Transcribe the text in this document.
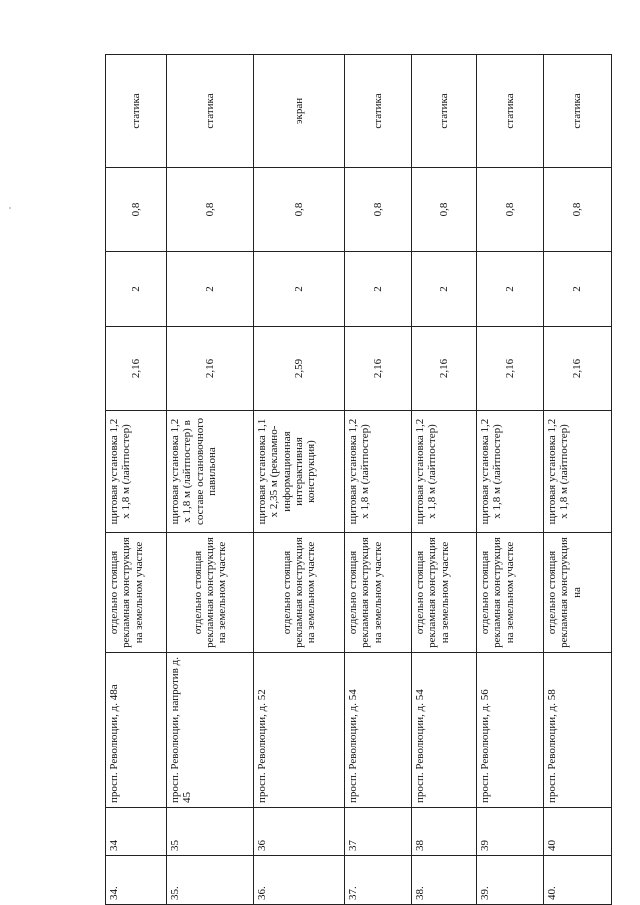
34.	34	просп. Революции, д. 48а	отдельно стоящая рекламная конструкция на земельном участке	щитовая установка 1,2 х 1,8 м (лайтпостер)	2,16	2	0,8	статика
35.	35	просп. Революции, напротив д. 45	отдельно стоящая рекламная конструкция на земельном участке	щитовая установка 1,2 х 1,8 м (лайтпостер) в составе остановочного павильона	2,16	2	0,8	статика
36.	36	просп. Революции, д. 52	отдельно стоящая рекламная конструкция на земельном участке	щитовая установка 1,1 х 2,35 м (рекламно-информационная интерактивная конструкция)	2,59	2	0,8	экран
37.	37	просп. Революции, д. 54	отдельно стоящая рекламная конструкция на земельном участке	щитовая установка 1,2 х 1,8 м (лайтпостер)	2,16	2	0,8	статика
38.	38	просп. Революции, д. 54	отдельно стоящая рекламная конструкция на земельном участке	щитовая установка 1,2 х 1,8 м (лайтпостер)	2,16	2	0,8	статика
39.	39	просп. Революции, д. 56	отдельно стоящая рекламная конструкция на земельном участке	щитовая установка 1,2 х 1,8 м (лайтпостер)	2,16	2	0,8	статика
40.	40	просп. Революции, д. 58	отдельно стоящая рекламная конструкция на	щитовая установка 1,2 х 1,8 м (лайтпостер)	2,16	2	0,8	статика
